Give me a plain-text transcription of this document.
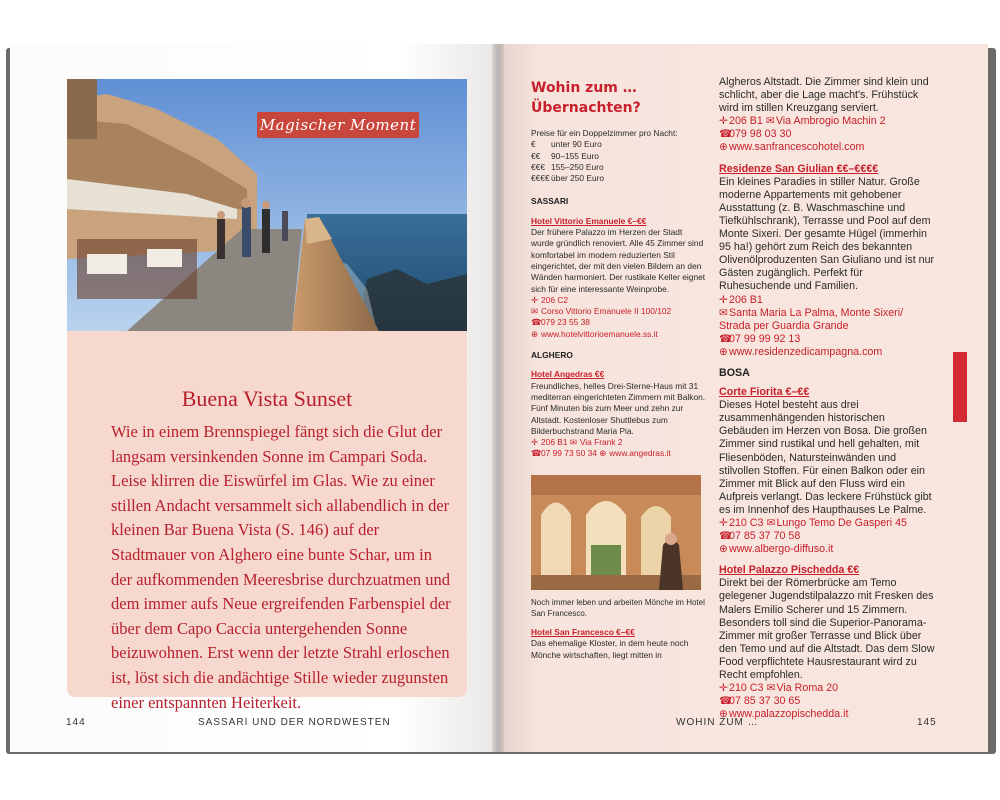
Magischer Moment
Buena Vista Sunset
Wie in einem Brennspiegel fängt sich die Glut der langsam versinkenden Sonne im Campari Soda. Leise klirren die Eiswürfel im Glas. Wie zu einer stillen Andacht versammelt sich allabendlich in der kleinen Bar Buena Vista (S. 146) auf der Stadtmauer von Alghero eine bunte Schar, um in der aufkommenden Meeresbrise durchzuatmen und dem immer aufs Neue ergreifenden Farbenspiel der über dem Capo Caccia untergehenden Sonne beizuwohnen. Erst wenn der letzte Strahl erloschen ist, löst sich die andächtige Stille wieder zugunsten einer entspannten Heiterkeit.
144	SASSARI UND DER NORDWESTEN
Wohin zum …
Übernachten?
Preise für ein Doppelzimmer pro Nacht:
€ unter 90 Euro
€€ 90–155 Euro
€€€ 155–250 Euro
€€€€über 250 Euro
SASSARI
Hotel Vittorio Emanuele €–€€
Der frühere Palazzo im Herzen der Stadt wurde gründlich renoviert. Alle 45 Zimmer sind komfortabel im modern reduzierten Stil eingerichtet, der mit den vielen Bildern an den Wänden harmoniert. Der rustikale Keller eignet sich für eine interessante Weinprobe.
✛ 206 C2
✉ Corso Vittorio Emanuele II 100/102
☎079 23 55 38
⊕ www.hotelvittorioemanuele.ss.it
ALGHERO
Hotel Angedras €€
Freundliches, helles Drei-Sterne-Haus mit 31 mediterran eingerichteten Zimmern mit Balkon. Fünf Minuten bis zum Meer und zehn zur Altstadt. Kostenloser Shuttlebus zum Bilderbuchstrand Maria Pia.
✛ 206 B1 ✉ Via Frank 2
☎07 99 73 50 34 ⊕ www.angedras.it
Noch immer leben und arbeiten Mönche im Hotel San Francesco.
Hotel San Francesco €–€€
Das ehemalige Kloster, in dem heute noch Mönche wirtschaften, liegt mitten in
Algheros Altstadt. Die Zimmer sind klein und schlicht, aber die Lage macht's. Frühstück wird im stillen Kreuzgang serviert.
✛206 B1 ✉Via Ambrogio Machin 2
☎079 98 03 30
⊕www.sanfrancescohotel.com
Residenze San Giulian €€–€€€€
Ein kleines Paradies in stiller Natur. Große moderne Appartements mit gehobener Ausstattung (z. B. Waschmaschine und Tiefkühlschrank), Terrasse und Pool auf dem Monte Sixeri. Der gesamte Hügel (immerhin 95 ha!) gehört zum Reich des bekannten Olivenölproduzenten San Giuliano und ist nur Gästen zugänglich. Perfekt für Ruhesuchende und Familien.
✛206 B1
✉Santa Maria La Palma, Monte Sixeri/ Strada per Guardia Grande
☎07 99 99 92 13
⊕www.residenzedicampagna.com
BOSA
Corte Fiorita €–€€
Dieses Hotel besteht aus drei zusammenhängenden historischen Gebäuden im Herzen von Bosa. Die großen Zimmer sind rustikal und hell gehalten, mit Fliesenböden, Natursteinwänden und stilvollen Stoffen. Für einen Balkon oder ein Zimmer mit Blick auf den Fluss wird ein Aufpreis verlangt. Das leckere Frühstück gibt es im Innenhof des Haupthauses Le Palme.
✛210 C3 ✉Lungo Temo De Gasperi 45
☎07 85 37 70 58
⊕www.albergo-diffuso.it
Hotel Palazzo Pischedda €€
Direkt bei der Römerbrücke am Temo gelegener Jugendstilpalazzo mit Fresken des Malers Emilio Scherer und 15 Zimmern. Besonders toll sind die Superior-Panorama-Zimmer mit großer Terrasse und Blick über den Temo und auf die Altstadt. Das dem Slow Food verpflichtete Hausrestaurant wird zu Recht empfohlen.
✛210 C3 ✉Via Roma 20
☎07 85 37 30 65
⊕www.palazzopischedda.it
WOHIN ZUM …	145
